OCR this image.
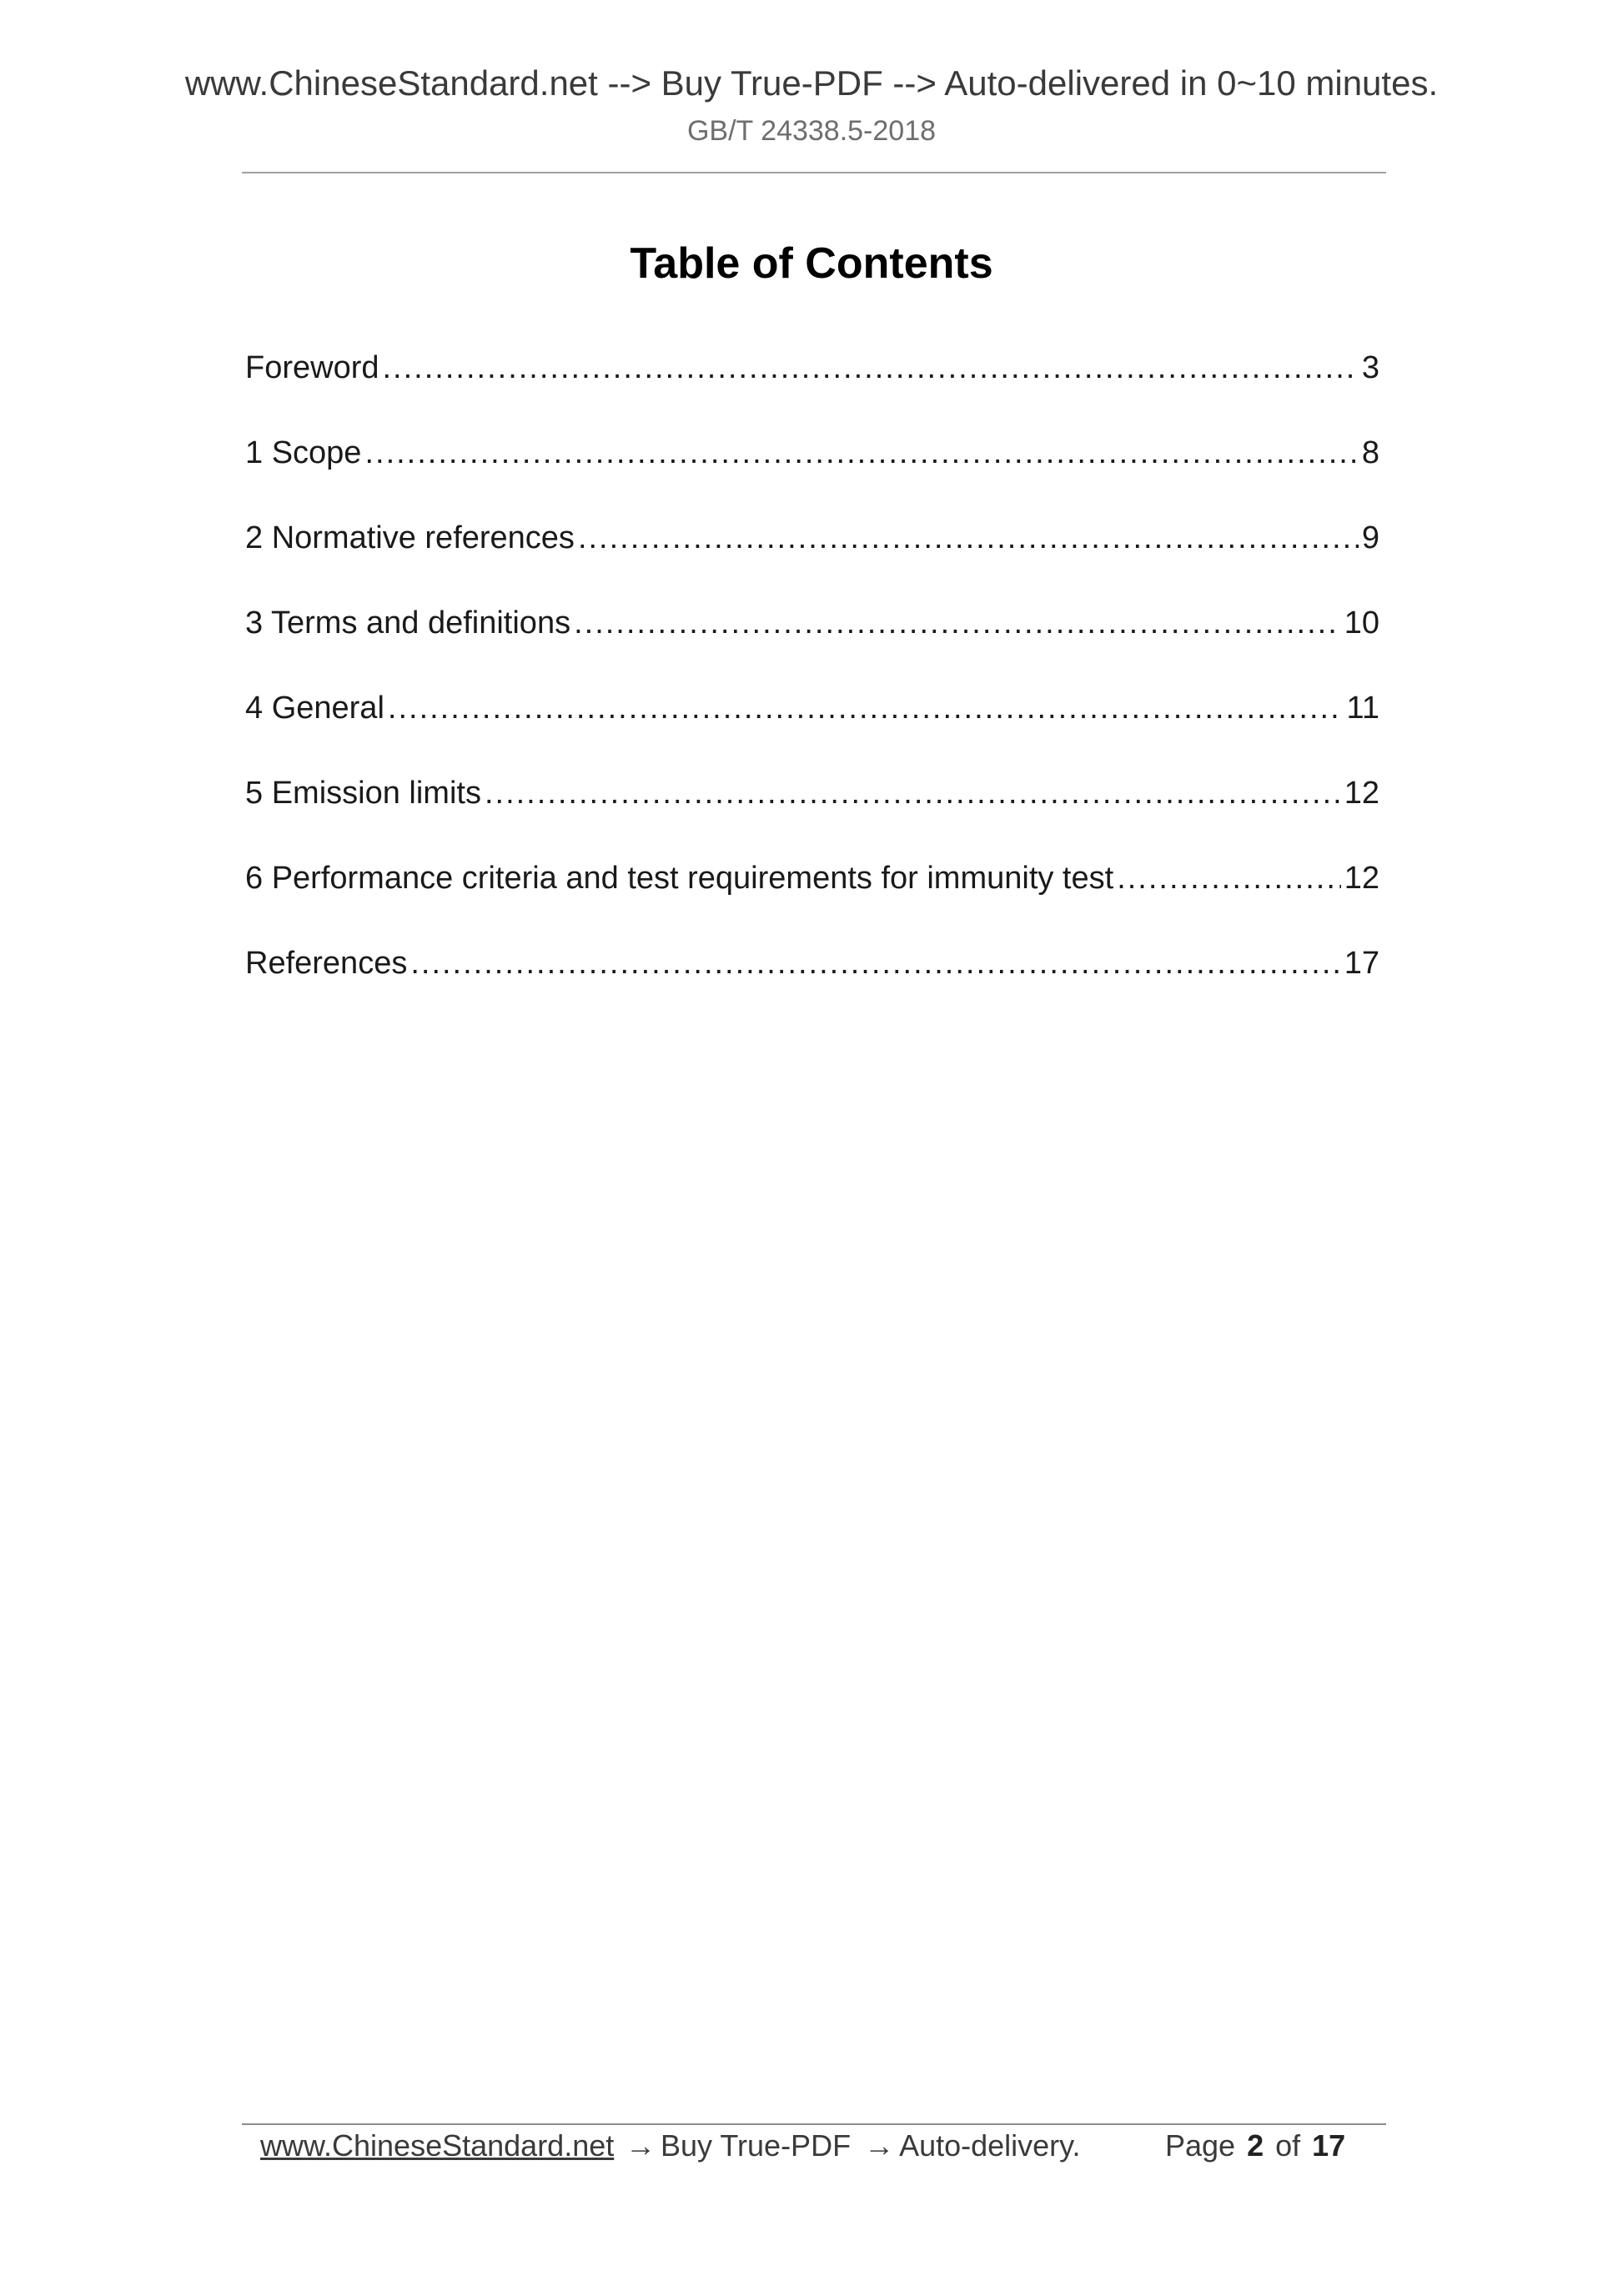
www.ChineseStandard.net --> Buy True-PDF --> Auto-delivered in 0~10 minutes.
GB/T 24338.5-2018
Table of Contents
Foreword .....	3
1 Scope .....	8
2 Normative references .....	9
3 Terms and definitions .....	10
4 General .....	11
5 Emission limits .....	12
6 Performance criteria and test requirements for immunity test .....	12
References .....	17
www.ChineseStandard.net → Buy True-PDF → Auto-delivery.	Page 2 of 17
